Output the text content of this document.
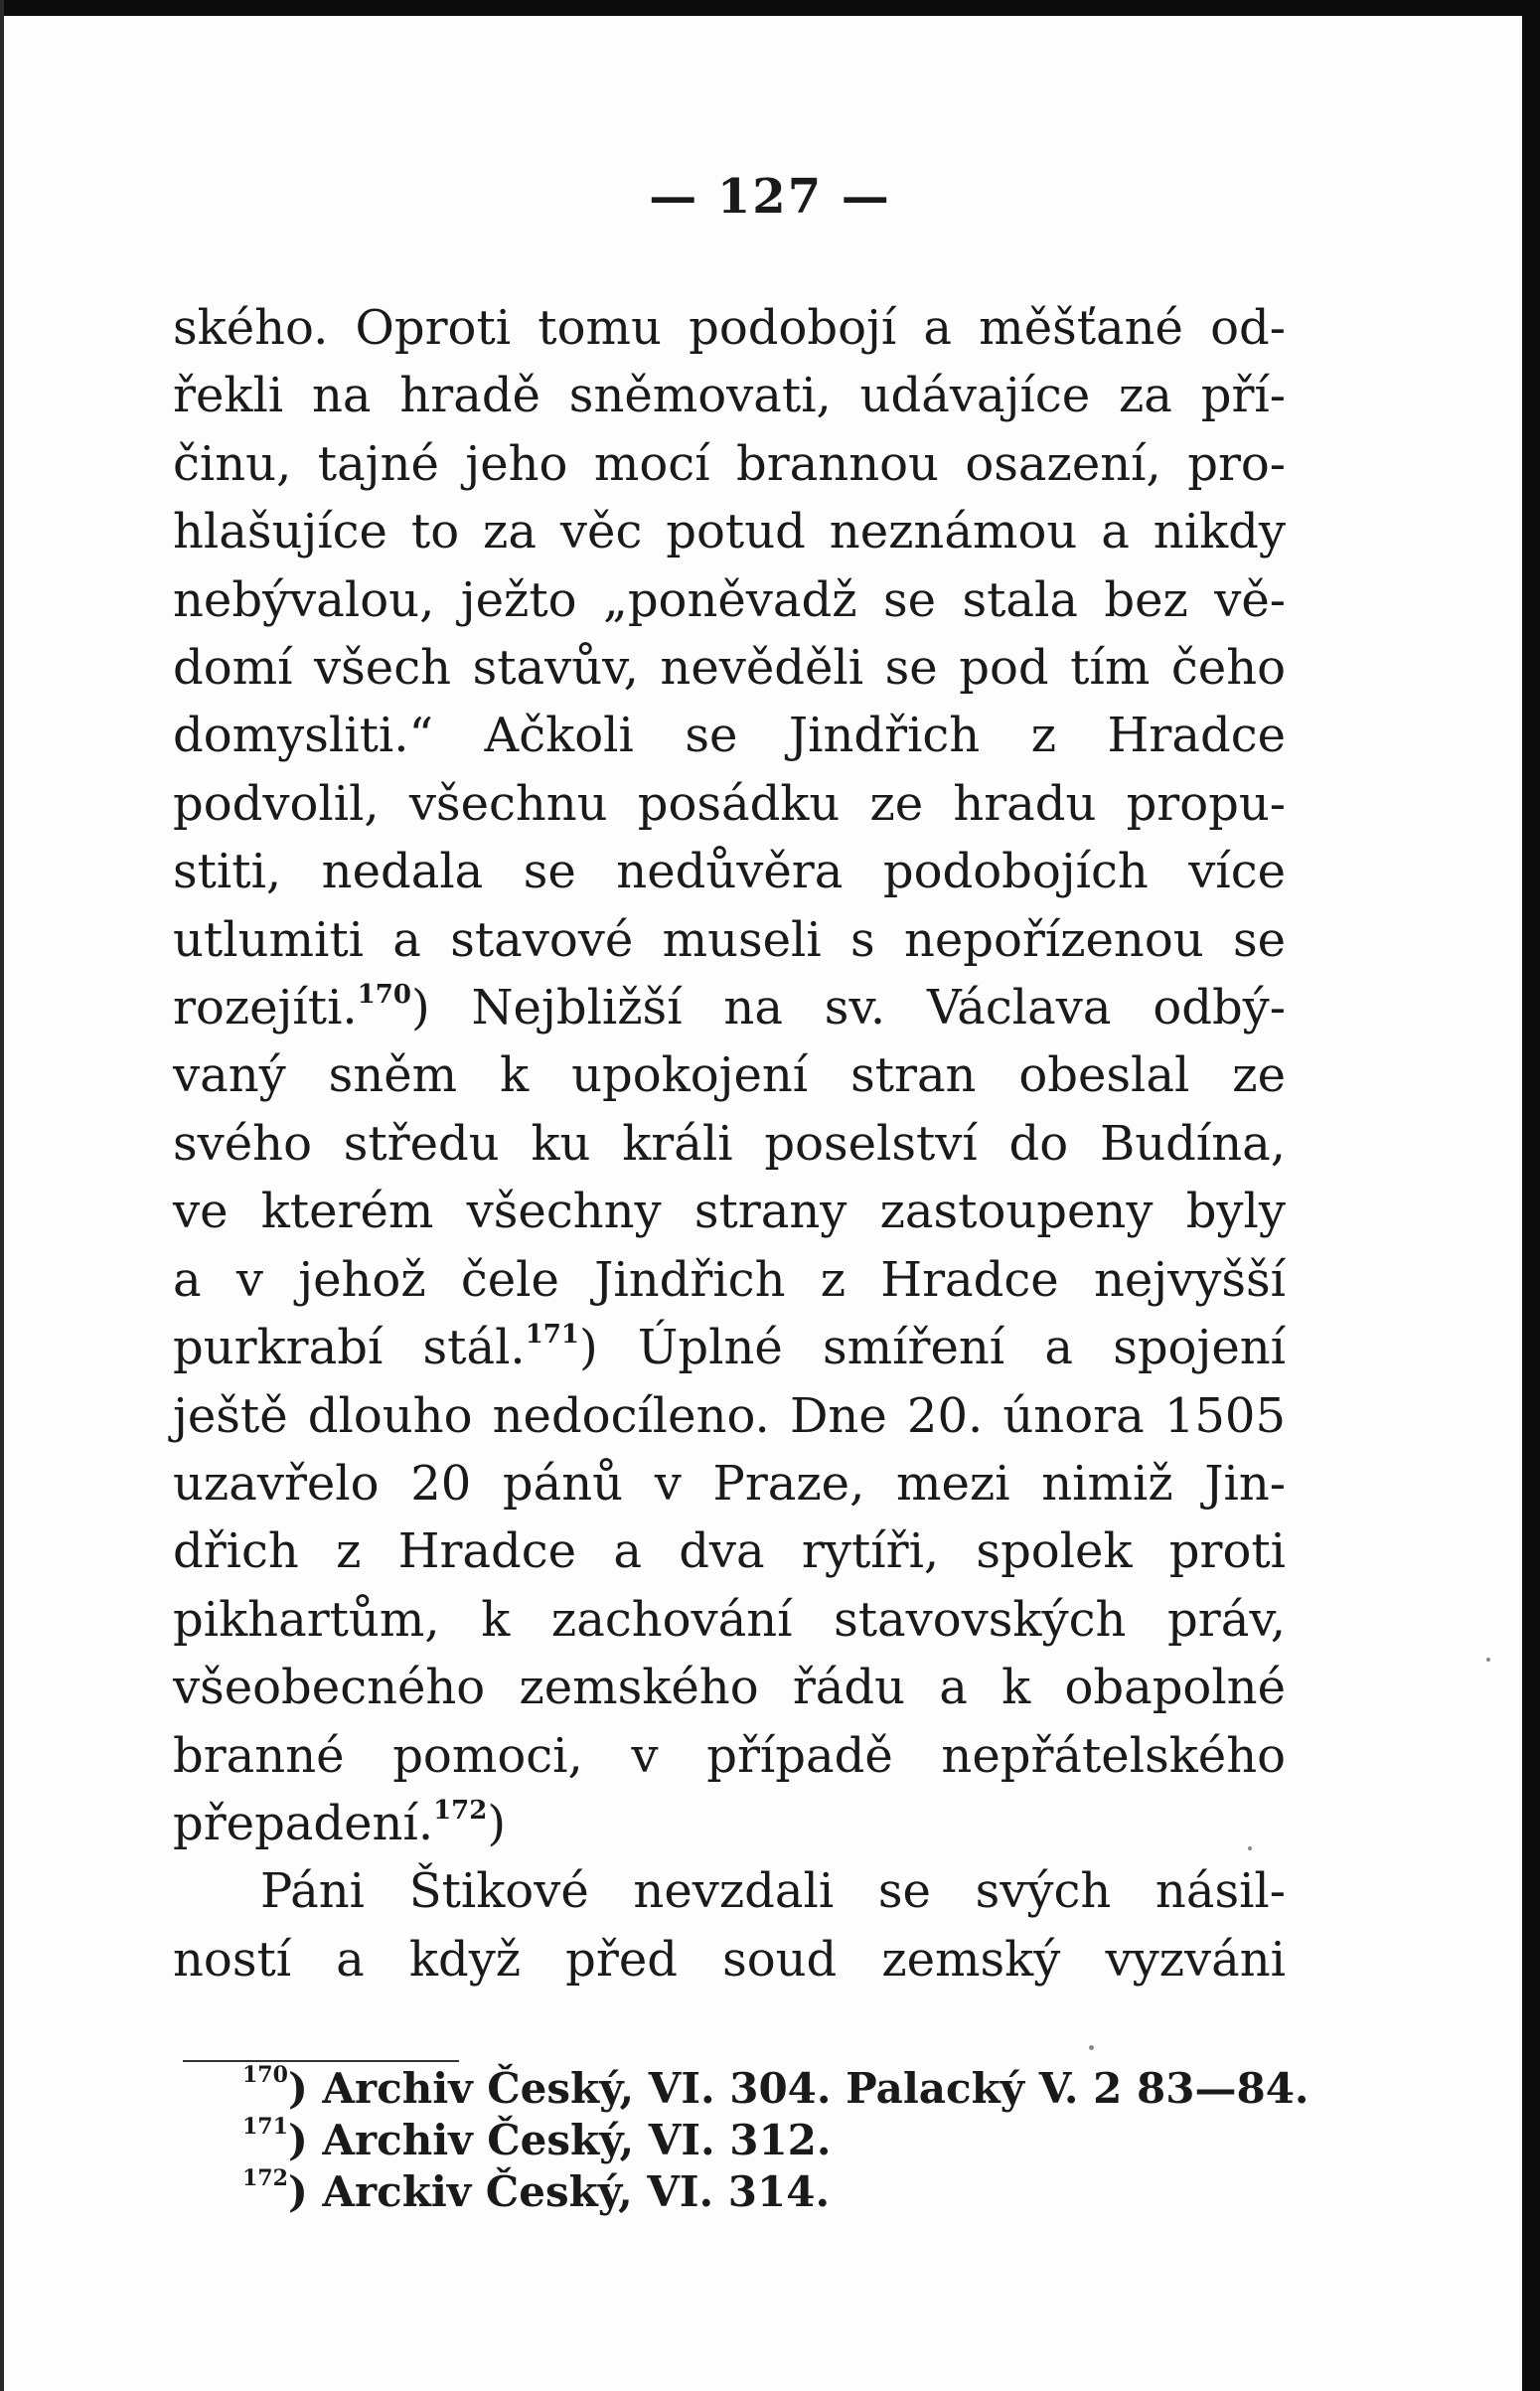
— 127 —
ského. Oproti tomu podobojí a měšťané od-
řekli na hradě sněmovati, udávajíce za pří-
činu, tajné jeho mocí brannou osazení, pro-
hlašujíce to za věc potud neznámou a nikdy
nebývalou, ježto „poněvadž se stala bez vě-
domí všech stavův, nevěděli se pod tím čeho
domysliti.“ Ačkoli se Jindřich z Hradce
podvolil, všechnu posádku ze hradu propu-
stiti, nedala se nedůvěra podobojích více
utlumiti a stavové museli s nepořízenou se
rozejíti.$^{170}$) Nejbližší na sv. Václava odbý-
vaný sněm k upokojení stran obeslal ze
svého středu ku králi poselství do Budína,
ve kterém všechny strany zastoupeny byly
a v jehož čele Jindřich z Hradce nejvyšší
purkrabí stál.$^{171}$) Úplné smíření a spojení
ještě dlouho nedocíleno. Dne 20. února 1505
uzavřelo 20 pánů v Praze, mezi nimiž Jin-
dřich z Hradce a dva rytíři, spolek proti
pikhartům, k zachování stavovských práv,
všeobecného zemského řádu a k obapolné
branné pomoci, v případě nepřátelského
přepadení.$^{172}$)
Páni Štikové nevzdali se svých násil-
ností a když před soud zemský vyzváni
$^{170}$) Archiv Český, VI. 304. Palacký V. 2 83—84.
$^{171}$) Archiv Český, VI. 312.
$^{172}$) Arckiv Český, VI. 314.
